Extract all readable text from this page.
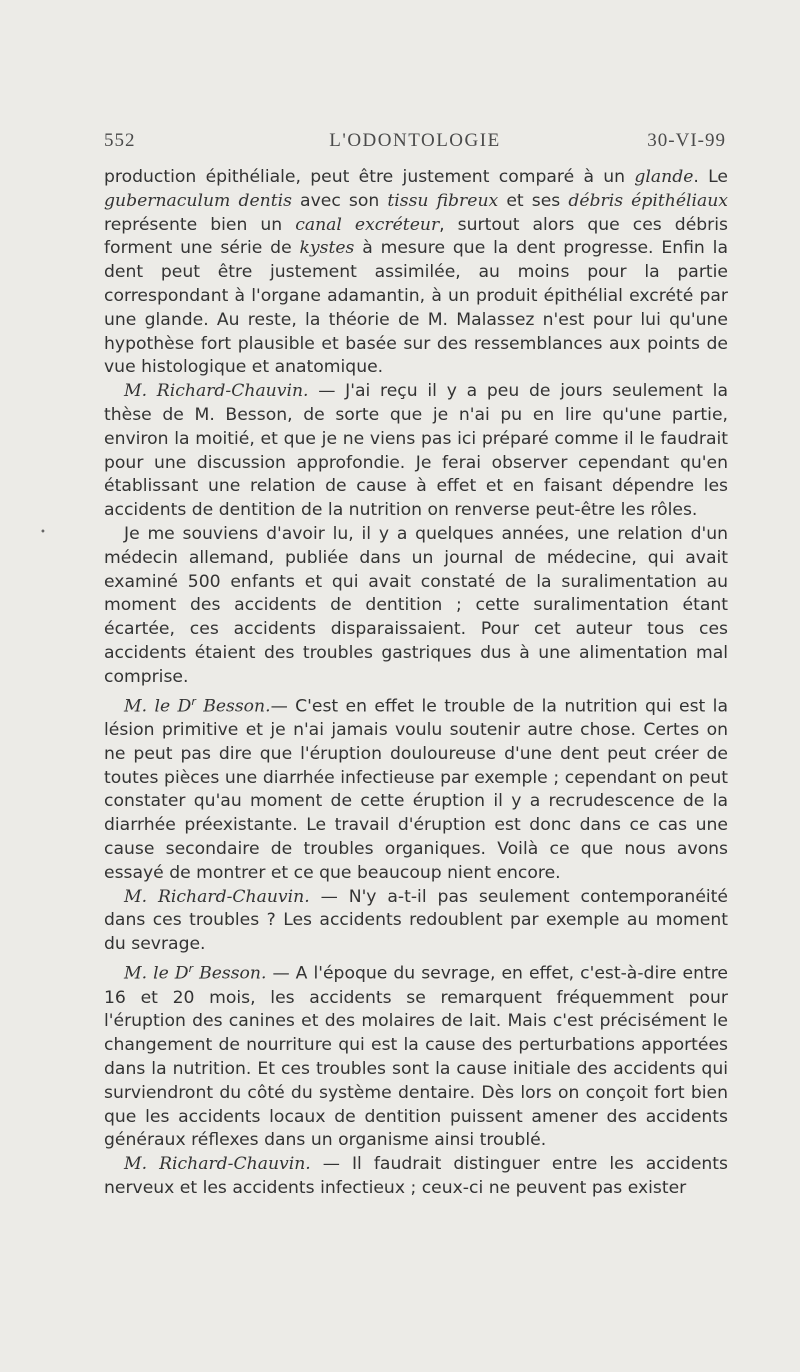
552	L'ODONTOLOGIE	30-VI-99
•

production épithéliale, peut être justement comparé à un glande. Le gubernaculum dentis avec son tissu fibreux et ses débris épithéliaux représente bien un canal excréteur, surtout alors que ces débris forment une série de kystes à mesure que la dent progresse. Enfin la dent peut être justement assimilée, au moins pour la partie correspondant à l'organe adamantin, à un produit épithélial excrété par une glande. Au reste, la théorie de M. Malassez n'est pour lui qu'une hypothèse fort plausible et basée sur des ressemblances aux points de vue histologique et anatomique.

M. Richard-Chauvin. — J'ai reçu il y a peu de jours seulement la thèse de M. Besson, de sorte que je n'ai pu en lire qu'une partie, environ la moitié, et que je ne viens pas ici préparé comme il le faudrait pour une discussion approfondie. Je ferai observer cependant qu'en établissant une relation de cause à effet et en faisant dépendre les accidents de dentition de la nutrition on renverse peut-être les rôles.

Je me souviens d'avoir lu, il y a quelques années, une relation d'un médecin allemand, publiée dans un journal de médecine, qui avait examiné 500 enfants et qui avait constaté de la suralimentation au moment des accidents de dentition ; cette suralimentation étant écartée, ces accidents disparaissaient. Pour cet auteur tous ces accidents étaient des troubles gastriques dus à une alimentation mal comprise.

M. le $D^r$ Besson.— C'est en effet le trouble de la nutrition qui est la lésion primitive et je n'ai jamais voulu soutenir autre chose. Certes on ne peut pas dire que l'éruption douloureuse d'une dent peut créer de toutes pièces une diarrhée infectieuse par exemple ; cependant on peut constater qu'au moment de cette éruption il y a recrudescence de la diarrhée préexistante. Le travail d'éruption est donc dans ce cas une cause secondaire de troubles organiques. Voilà ce que nous avons essayé de montrer et ce que beaucoup nient encore.

M. Richard-Chauvin. — N'y a-t-il pas seulement contemporanéité dans ces troubles ? Les accidents redoublent par exemple au moment du sevrage.

M. le $D^r$ Besson. — A l'époque du sevrage, en effet, c'est-à-dire entre 16 et 20 mois, les accidents se remarquent fréquemment pour l'éruption des canines et des molaires de lait. Mais c'est précisément le changement de nourriture qui est la cause des perturbations apportées dans la nutrition. Et ces troubles sont la cause initiale des accidents qui surviendront du côté du système dentaire. Dès lors on conçoit fort bien que les accidents locaux de dentition puissent amener des accidents généraux réflexes dans un organisme ainsi troublé.

M. Richard-Chauvin. — Il faudrait distinguer entre les accidents nerveux et les accidents infectieux ; ceux-ci ne peuvent pas exister
